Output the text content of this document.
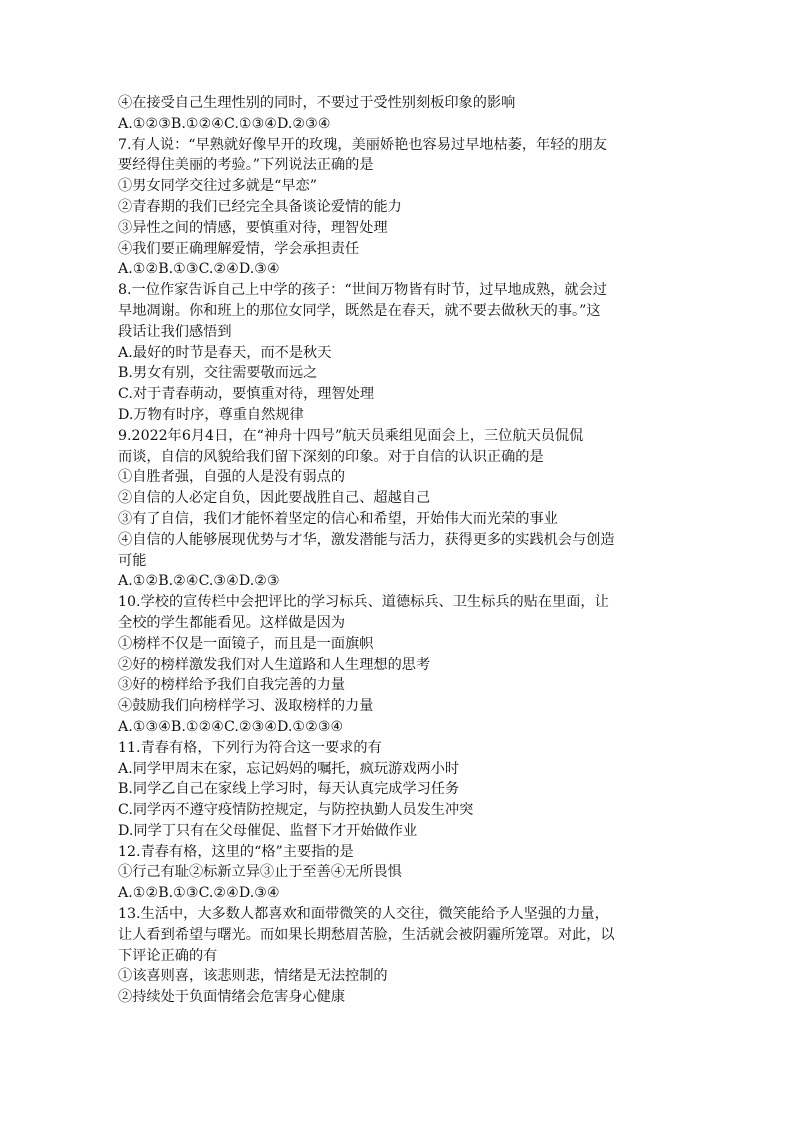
④在接受自己生理性别的同时，不要过于受性别刻板印象的影响
A.①②③B.①②④C.①③④D.②③④
7.有人说：“早熟就好像早开的玫瑰，美丽娇艳也容易过早地枯萎，年轻的朋友
要经得住美丽的考验。”下列说法正确的是
①男女同学交往过多就是“早恋”
②青春期的我们已经完全具备谈论爱情的能力
③异性之间的情感，要慎重对待，理智处理
④我们要正确理解爱情，学会承担责任
A.①②B.①③C.②④D.③④
8.一位作家告诉自己上中学的孩子：“世间万物皆有时节，过早地成熟，就会过
早地凋谢。你和班上的那位女同学，既然是在春天，就不要去做秋天的事。”这
段话让我们感悟到
A.最好的时节是春天，而不是秋天
B.男女有别，交往需要敬而远之
C.对于青春萌动，要慎重对待，理智处理
D.万物有时序，尊重自然规律
9.2022年6月4日，在“神舟十四号”航天员乘组见面会上，三位航天员侃侃
而谈，自信的风貌给我们留下深刻的印象。对于自信的认识正确的是
①自胜者强，自强的人是没有弱点的
②自信的人必定自负，因此要战胜自己、超越自己
③有了自信，我们才能怀着坚定的信心和希望，开始伟大而光荣的事业
④自信的人能够展现优势与才华，激发潜能与活力，获得更多的实践机会与创造
可能
A.①②B.②④C.③④D.②③
10.学校的宣传栏中会把评比的学习标兵、道德标兵、卫生标兵的贴在里面，让
全校的学生都能看见。这样做是因为
①榜样不仅是一面镜子，而且是一面旗帜
②好的榜样激发我们对人生道路和人生理想的思考
③好的榜样给予我们自我完善的力量
④鼓励我们向榜样学习、汲取榜样的力量
A.①③④B.①②④C.②③④D.①②③④
11.青春有格，下列行为符合这一要求的有
A.同学甲周末在家，忘记妈妈的嘱托，疯玩游戏两小时
B.同学乙自己在家线上学习时，每天认真完成学习任务
C.同学丙不遵守疫情防控规定，与防控执勤人员发生冲突
D.同学丁只有在父母催促、监督下才开始做作业
12.青春有格，这里的“格”主要指的是
①行己有耻②标新立异③止于至善④无所畏惧
A.①②B.①③C.②④D.③④
13.生活中，大多数人都喜欢和面带微笑的人交往，微笑能给予人坚强的力量，
让人看到希望与曙光。而如果长期愁眉苦脸，生活就会被阴霾所笼罩。对此，以
下评论正确的有
①该喜则喜，该悲则悲，情绪是无法控制的
②持续处于负面情绪会危害身心健康
